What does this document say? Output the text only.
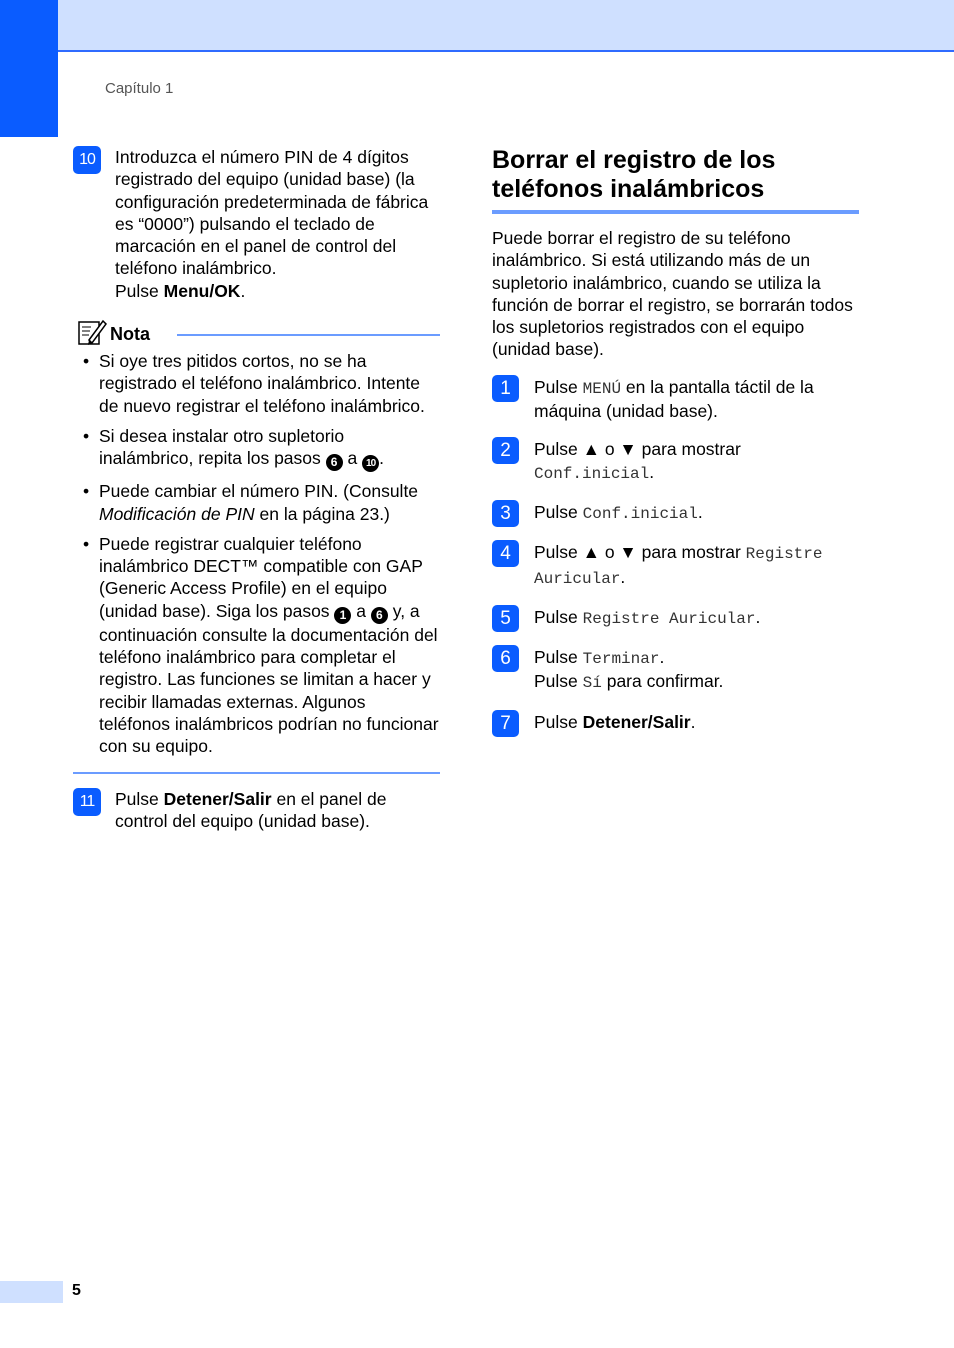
Capítulo 1
10	Introduzca el número PIN de 4 dígitos registrado del equipo (unidad base) (la configuración predeterminada de fábrica es “0000”) pulsando el teclado de marcación en el panel de control del teléfono inalámbrico.
Pulse Menu/OK.
Nota
• Si oye tres pitidos cortos, no se ha registrado el teléfono inalámbrico. Intente de nuevo registrar el teléfono inalámbrico.
• Si desea instalar otro supletorio inalámbrico, repita los pasos 6 a 10 .
• Puede cambiar el número PIN. (Consulte Modificación de PIN en la página 23.)
• Puede registrar cualquier teléfono inalámbrico DECT™ compatible con GAP (Generic Access Profile) en el equipo (unidad base). Siga los pasos 1 a 6 y, a continuación consulte la documentación del teléfono inalámbrico para completar el registro. Las funciones se limitan a hacer y recibir llamadas externas. Algunos teléfonos inalámbricos podrían no funcionar con su equipo.
11	Pulse Detener/Salir en el panel de control del equipo (unidad base).
Borrar el registro de los teléfonos inalámbricos

Puede borrar el registro de su teléfono inalámbrico. Si está utilizando más de un supletorio inalámbrico, cuando se utiliza la función de borrar el registro, se borrarán todos los supletorios registrados con el equipo (unidad base).

1	Pulse MENÚ en la pantalla táctil de la máquina (unidad base).
2	Pulse ▲ o ▼ para mostrar Conf.inicial.
3	Pulse Conf.inicial.
4	Pulse ▲ o ▼ para mostrar Registre Auricular.
5	Pulse Registre Auricular.
6	Pulse Terminar.
Pulse Sí para confirmar.
7	Pulse Detener/Salir.
5
